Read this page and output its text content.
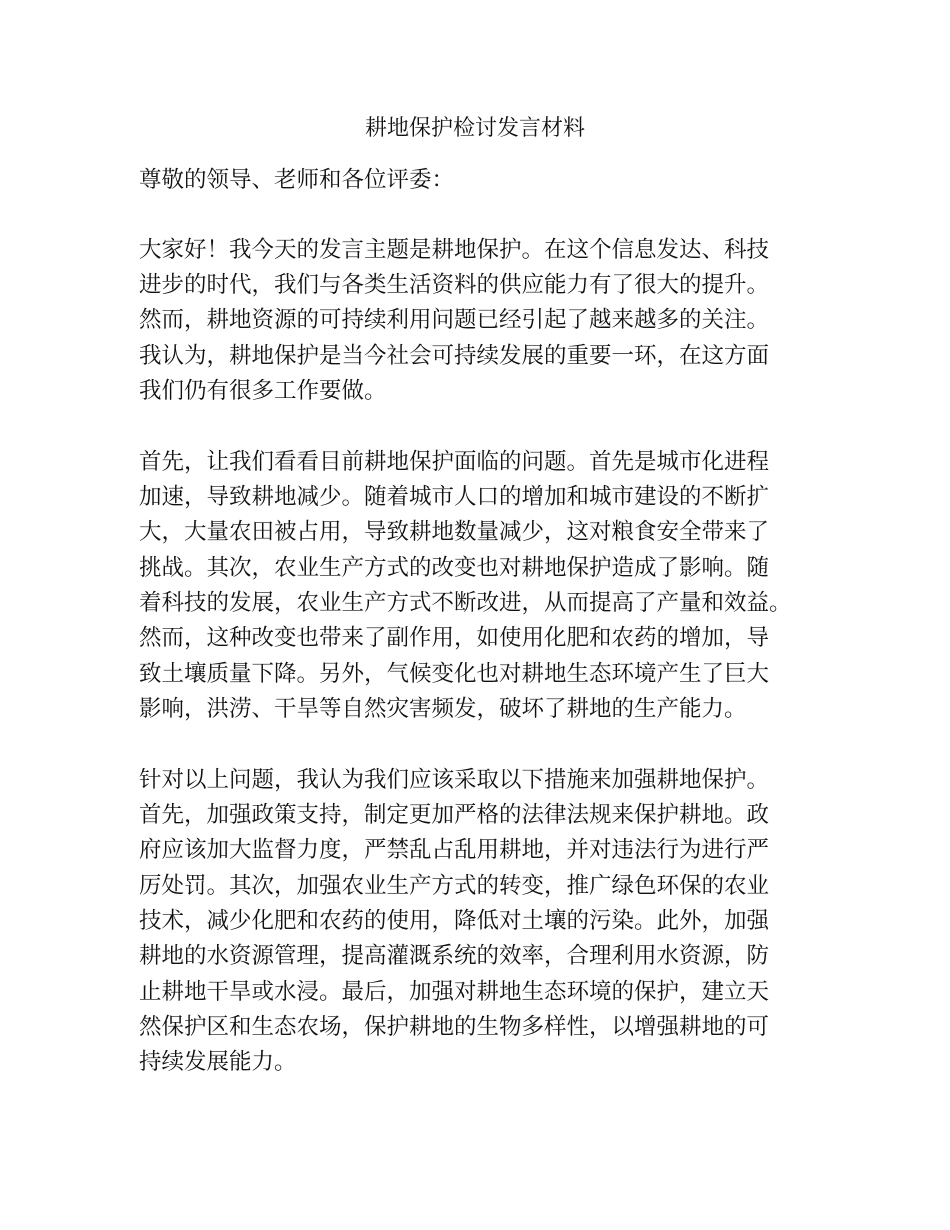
耕地保护检讨发言材料
尊敬的领导、老师和各位评委：
大家好！我今天的发言主题是耕地保护。在这个信息发达、科技
进步的时代，我们与各类生活资料的供应能力有了很大的提升。
然而，耕地资源的可持续利用问题已经引起了越来越多的关注。
我认为，耕地保护是当今社会可持续发展的重要一环，在这方面
我们仍有很多工作要做。
首先，让我们看看目前耕地保护面临的问题。首先是城市化进程
加速，导致耕地减少。随着城市人口的增加和城市建设的不断扩
大，大量农田被占用，导致耕地数量减少，这对粮食安全带来了
挑战。其次，农业生产方式的改变也对耕地保护造成了影响。随
着科技的发展，农业生产方式不断改进，从而提高了产量和效益。
然而，这种改变也带来了副作用，如使用化肥和农药的增加，导
致土壤质量下降。另外，气候变化也对耕地生态环境产生了巨大
影响，洪涝、干旱等自然灾害频发，破坏了耕地的生产能力。
针对以上问题，我认为我们应该采取以下措施来加强耕地保护。
首先，加强政策支持，制定更加严格的法律法规来保护耕地。政
府应该加大监督力度，严禁乱占乱用耕地，并对违法行为进行严
厉处罚。其次，加强农业生产方式的转变，推广绿色环保的农业
技术，减少化肥和农药的使用，降低对土壤的污染。此外，加强
耕地的水资源管理，提高灌溉系统的效率，合理利用水资源，防
止耕地干旱或水浸。最后，加强对耕地生态环境的保护，建立天
然保护区和生态农场，保护耕地的生物多样性，以增强耕地的可
持续发展能力。
